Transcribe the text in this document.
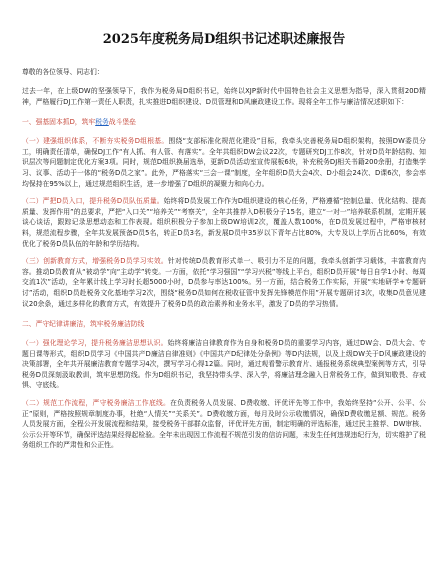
2025年度税务局D组织书记述职述廉报告

尊敬的各位领导、同志们：

过去一年，在上级DW的坚强领导下，我作为税务局D组织书记，始终以XJP新时代中国特色社会主义思想为指导，深入贯彻20D精神，严格履行DJ工作第一责任人职责，扎实推进D组织建设、D员管理和D风廉政建设工作。现将全年工作与廉洁情况述职如下：

一、强基固本抓D，筑牢税务战斗堡垒

（一）建强组织体系，不断夯实税务D组根基。围绕“支部标准化规范化建设”目标，我牵头完善税务局D组织架构，按照DW委员分工，明确责任清单，确保DJ工作“有人抓、有人管、有落实”。全年共组织DW会议22次，专题研究DJ工作8次，针对D员年龄结构、知识层次等问题制定优化方案3项。同时，规范D组织换届选举，更新D员活动室宣传展板6块，补充税务DJ相关书籍200余册，打造集学习、议事、活动于一体的“税务D员之家”。此外，严格落实“三会一课”制度，全年组织D员大会4次、D小组会24次、D课6次，参会率均保持在95%以上，通过规范组织生活，进一步增强了D组织的凝聚力和向心力。

（二）严把D员入口，提升税务D员队伍质量。始终将D员发展工作作为D组织建设的核心任务，严格遵循“控制总量、优化结构、提高质量、发挥作用”的总要求，严把“入口关”“培养关”“考察关”，全年共推荐入D积极分子15名，建立“一对一”培养联系机制，定期开展谈心谈话，跟踪记录思想动态和工作表现。组织积极分子参加上级DW培训2次，覆盖人数100%，在D员发展过程中，严格审核材料，规范流程步骤，全年共发展预备D员5名，转正D员3名，新发展D员中35岁以下青年占比80%，大专及以上学历占比60%，有效优化了税务D员队伍的年龄和学历结构。

（三）创新教育方式，增强税务D员学习实效。针对传统D员教育形式单一、吸引力不足的问题，我牵头创新学习载体，丰富教育内容。推动D员教育从“被动学”向“主动学”转变。一方面，依托“学习强国”“学习兴税”等线上平台，组织D员开展“每日自学1小时、每周交流1次”活动，全年累计线上学习时长超5000小时，D员参与率达100%。另一方面，结合税务工作实际，开展“实地研学+专题研讨”活动，组织D员赴税务文化基地学习2次，围绕“税务D员如何在税收征管中发挥先锋模范作用”开展专题研讨3次，收集D员意见建议20余条，通过多样化的教育方式，有效提升了税务D员的政治素养和业务水平，激发了D员的学习热情。

二、严守纪律讲廉洁，筑牢税务廉洁防线

（一）强化理论学习，提升税务廉洁思想认识。始终将廉洁自律教育作为自身和税务D员的重要学习内容，通过DW会、D员大会、专题日课等形式，组织D员学习《中国共产D廉洁自律准则》《中国共产D纪律处分条例》等D内法规，以及上级DW关于D风廉政建设的决策部署，全年共开展廉洁教育专题学习4次，撰写学习心得12篇。同时，通过观看警示教育片、通报税务系统典型案例等方式，引导税务D员深刻汲取教训，筑牢思想防线。作为D组织书记，我坚持带头学、深入学，将廉洁理念融入日常税务工作，做到知敬畏、存戒惧、守底线。

（二）规范工作流程，严守税务廉洁工作底线。在负责税务人员发展、D费收缴、评优评先等工作中，我始终坚持“公开、公平、公正”原则，严格按照规章制度办事，杜绝“人情关”“关系关”。D费收缴方面，每月及时公示收缴情况，确保D费收缴足额、规范。税务人员发展方面，全程公开发展流程和结果，接受税务干部群众监督，评优评先方面，制定明确的评选标准，通过民主推荐、DW审核、公示公开等环节，确保评选结果经得起检验。全年未出现因工作流程不规范引发的信访问题，未发生任何违规违纪行为，切实维护了税务组织工作的严肃性和公正性。
